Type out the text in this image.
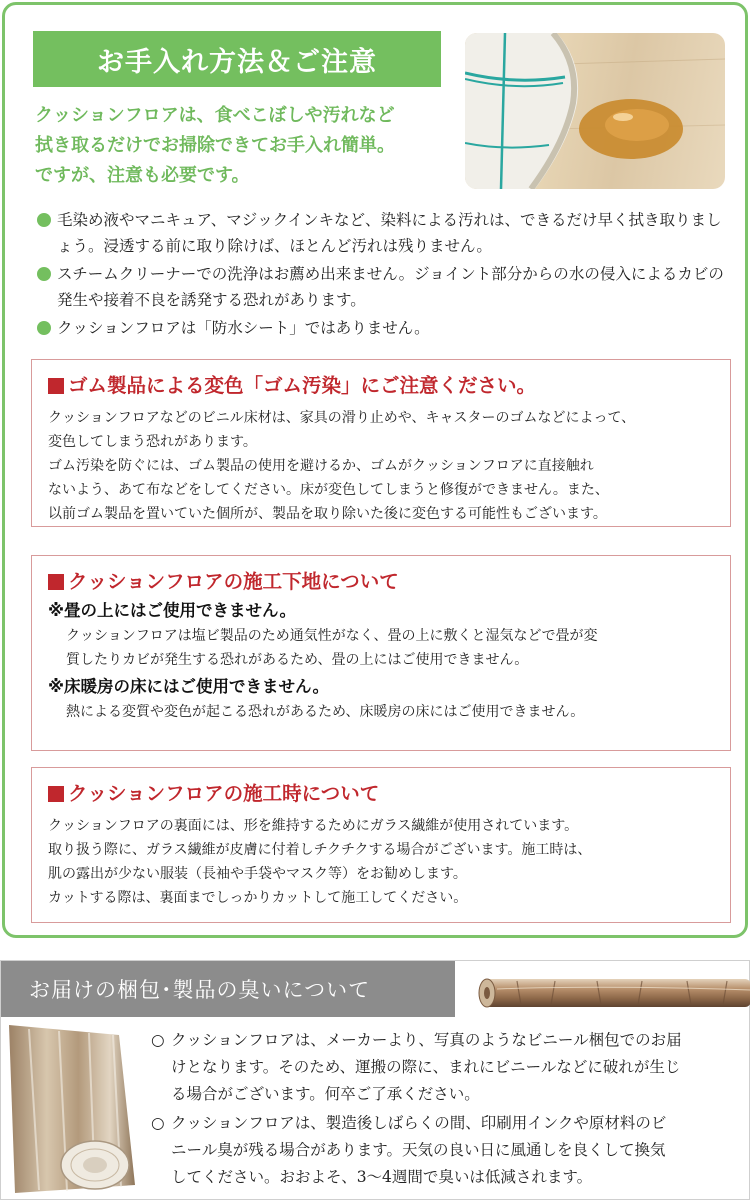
お手入れ方法＆ご注意
クッションフロアは、食べこぼしや汚れなど
拭き取るだけでお掃除できてお手入れ簡単。
ですが、注意も必要です。
毛染め液やマニキュア、マジックインキなど、染料による汚れは、できるだけ早く拭き取りましょう。浸透する前に取り除けば、ほとんど汚れは残りません。
スチームクリーナーでの洗浄はお薦め出来ません。ジョイント部分からの水の侵入によるカビの発生や接着不良を誘発する恐れがあります。
クッションフロアは「防水シート」ではありません。
ゴム製品による変色「ゴム汚染」にご注意ください。
クッションフロアなどのビニル床材は、家具の滑り止めや、キャスターのゴムなどによって、
変色してしまう恐れがあります。
ゴム汚染を防ぐには、ゴム製品の使用を避けるか、ゴムがクッションフロアに直接触れ
ないよう、あて布などをしてください。床が変色してしまうと修復ができません。また、
以前ゴム製品を置いていた個所が、製品を取り除いた後に変色する可能性もございます。
クッションフロアの施工下地について
※畳の上にはご使用できません。
クッションフロアは塩ビ製品のため通気性がなく、畳の上に敷くと湿気などで畳が変
質したりカビが発生する恐れがあるため、畳の上にはご使用できません。
※床暖房の床にはご使用できません。
熱による変質や変色が起こる恐れがあるため、床暖房の床にはご使用できません。
クッションフロアの施工時について
クッションフロアの裏面には、形を維持するためにガラス繊維が使用されています。
取り扱う際に、ガラス繊維が皮膚に付着しチクチクする場合がございます。施工時は、
肌の露出が少ない服装（長袖や手袋やマスク等）をお勧めします。
カットする際は、裏面までしっかりカットして施工してください。
お届けの梱包･製品の臭いについて
○ クッションフロアは、メーカーより、写真のようなビニール梱包でのお届
けとなります。そのため、運搬の際に、まれにビニールなどに破れが生じ
る場合がございます。何卒ご了承ください。
○ クッションフロアは、製造後しばらくの間、印刷用インクや原材料のビ
ニール臭が残る場合があります。天気の良い日に風通しを良くして換気
してください。おおよそ、3～4週間で臭いは低減されます。
